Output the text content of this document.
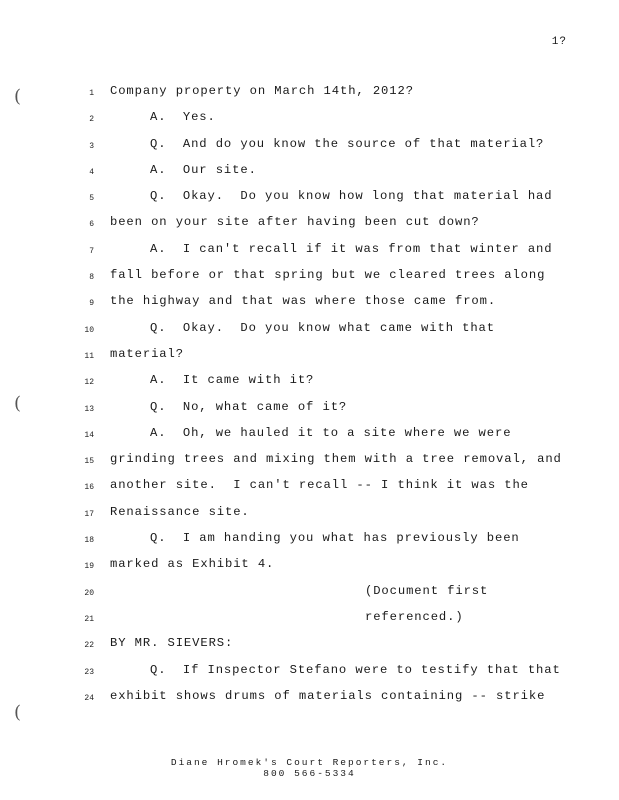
1?
(
(
(
1 Company property on March 14th, 2012?
2	A.  Yes.
3	Q.  And do you know the source of that material?
4	A.  Our site.
5	Q.  Okay.  Do you know how long that material had
6 been on your site after having been cut down?
7	A.  I can't recall if it was from that winter and
8 fall before or that spring but we cleared trees along
9 the highway and that was where those came from.
10	Q.  Okay.  Do you know what came with that
11 material?
12	A.  It came with it?
13	Q.  No, what came of it?
14	A.  Oh, we hauled it to a site where we were
15 grinding trees and mixing them with a tree removal, and
16 another site.  I can't recall -- I think it was the
17 Renaissance site.
18	Q.  I am handing you what has previously been
19 marked as Exhibit 4.
20	(Document first
21	referenced.)
22 BY MR. SIEVERS:
23	Q.  If Inspector Stefano were to testify that that
24 exhibit shows drums of materials containing -- strike
Diane Hromek's Court Reporters, Inc.
800 566-5334
